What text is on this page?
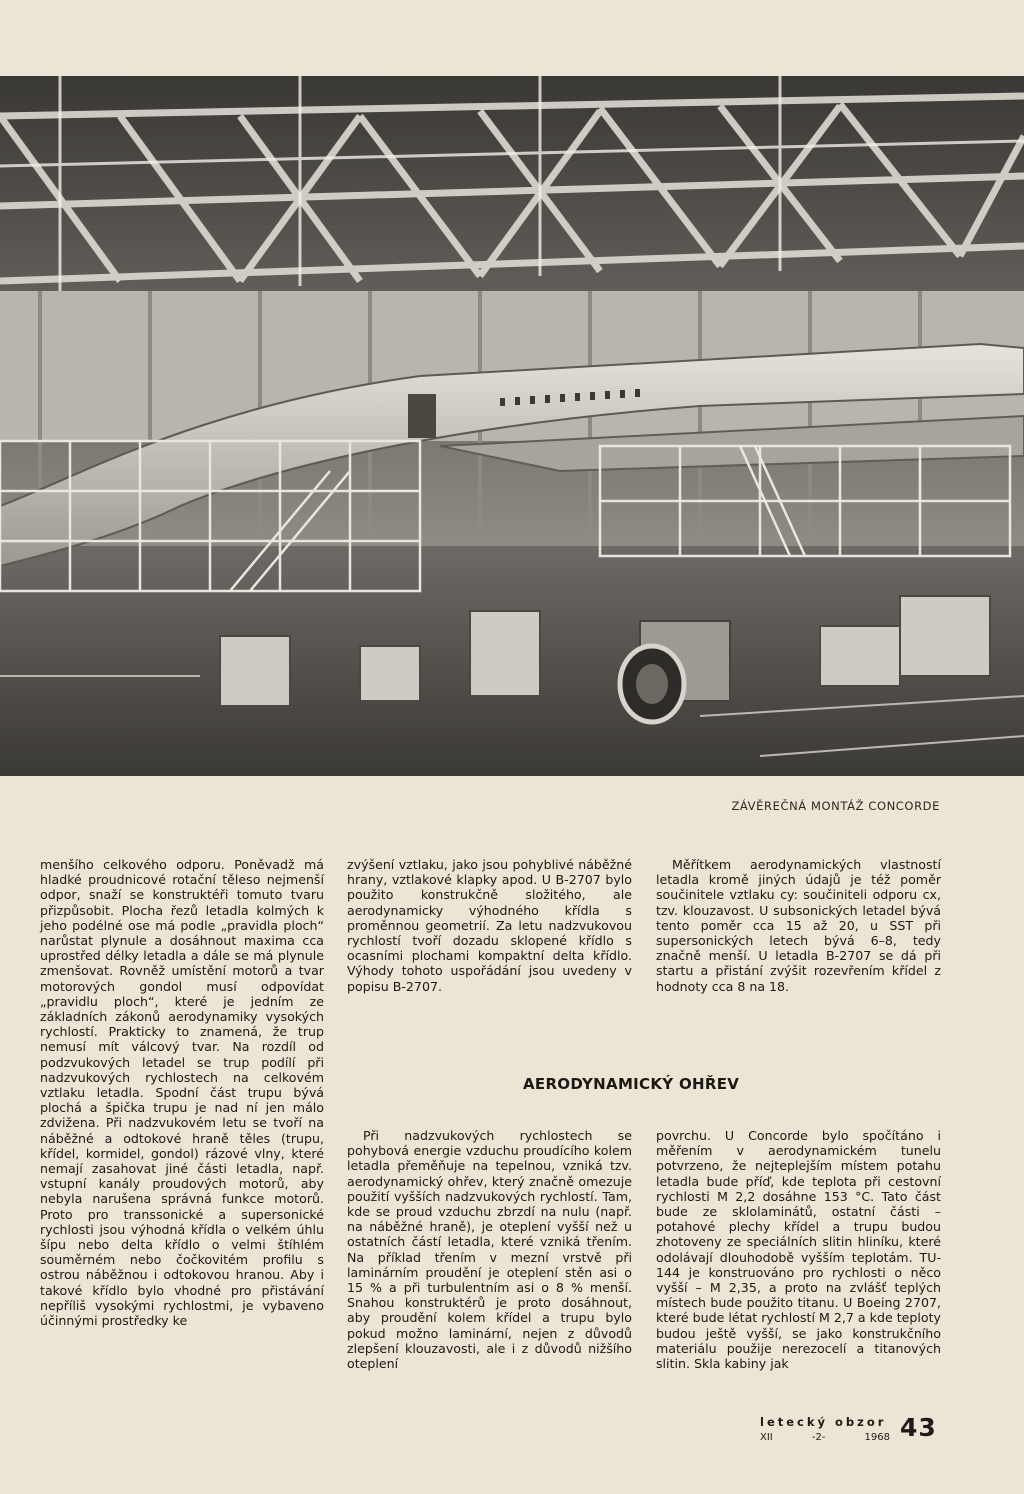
ZÁVĚREČNÁ MONTÁŽ CONCORDE

menšího celkového odporu. Poněvadž má hladké proudnicové rotační těleso nejmenší odpor, snaží se konstruktéři tomuto tvaru přizpůsobit. Plocha řezů letadla kolmých k jeho podélné ose má podle „pravidla ploch“ narůstat plynule a dosáhnout maxima cca uprostřed délky letadla a dále se má plynule zmenšovat. Rovněž umístění motorů a tvar motorových gondol musí odpovídat „pravidlu ploch“, které je jedním ze základních zákonů aerodynamiky vysokých rychlostí. Prakticky to znamená, že trup nemusí mít válcový tvar. Na rozdíl od podzvukových letadel se trup podílí při nadzvukových rychlostech na celkovém vztlaku letadla. Spodní část trupu bývá plochá a špička trupu je nad ní jen málo zdvižena. Při nadzvukovém letu se tvoří na náběžné a odtokové hraně těles (trupu, křídel, kormidel, gondol) rázové vlny, které nemají zasahovat jiné části letadla, např. vstupní kanály proudových motorů, aby nebyla narušena správná funkce motorů. Proto pro transsonické a supersonické rychlosti jsou výhodná křídla o velkém úhlu šípu nebo delta křídlo o velmi štíhlém souměrném nebo čočkovitém profilu s ostrou náběžnou i odtokovou hranou. Aby i takové křídlo bylo vhodné pro přistávání nepříliš vysokými rychlostmi, je vybaveno účinnými prostředky ke

zvýšení vztlaku, jako jsou pohyblivé náběžné hrany, vztlakové klapky apod. U B-2707 bylo použito konstrukčně složitého, ale aerodynamicky výhodného křídla s proměnnou geometrií. Za letu nadzvukovou rychlostí tvoří dozadu sklopené křídlo s ocasními plochami kompaktní delta křídlo. Výhody tohoto uspořádání jsou uvedeny v popisu B-2707.

Měřítkem aerodynamických vlastností letadla kromě jiných údajů je též poměr součinitele vztlaku cy: součiniteli odporu cx, tzv. klouzavost. U subsonických letadel bývá tento poměr cca 15 až 20, u SST při supersonických letech bývá 6–8, tedy značně menší. U letadla B-2707 se dá při startu a přistání zvýšit rozevřením křídel z hodnoty cca 8 na 18.

AERODYNAMICKÝ OHŘEV

Při nadzvukových rychlostech se pohybová energie vzduchu proudícího kolem letadla přeměňuje na tepelnou, vzniká tzv. aerodynamický ohřev, který značně omezuje použití vyšších nadzvukových rychlostí. Tam, kde se proud vzduchu zbrzdí na nulu (např. na náběžné hraně), je oteplení vyšší než u ostatních částí letadla, které vzniká třením. Na příklad třením v mezní vrstvě při laminárním proudění je oteplení stěn asi o 15 % a při turbulentním asi o 8 % menší. Snahou konstruktérů je proto dosáhnout, aby proudění kolem křídel a trupu bylo pokud možno laminární, nejen z důvodů zlepšení klouzavosti, ale i z důvodů nižšího oteplení

povrchu. U Concorde bylo spočítáno i měřením v aerodynamickém tunelu potvrzeno, že nejteplejším místem potahu letadla bude příď, kde teplota při cestovní rychlosti M 2,2 dosáhne 153 °C. Tato část bude ze sklolaminátů, ostatní části – potahové plechy křídel a trupu budou zhotoveny ze speciálních slitin hliníku, které odolávají dlouhodobě vyšším teplotám. TU-144 je konstruováno pro rychlosti o něco vyšší – M 2,35, a proto na zvlášť teplých místech bude použito titanu. U Boeing 2707, které bude létat rychlostí M 2,7 a kde teploty budou ještě vyšší, se jako konstrukčního materiálu použije nerezocelí a titanových slitin. Skla kabiny jak

letecký obzor
XII	-2-	1968 43
